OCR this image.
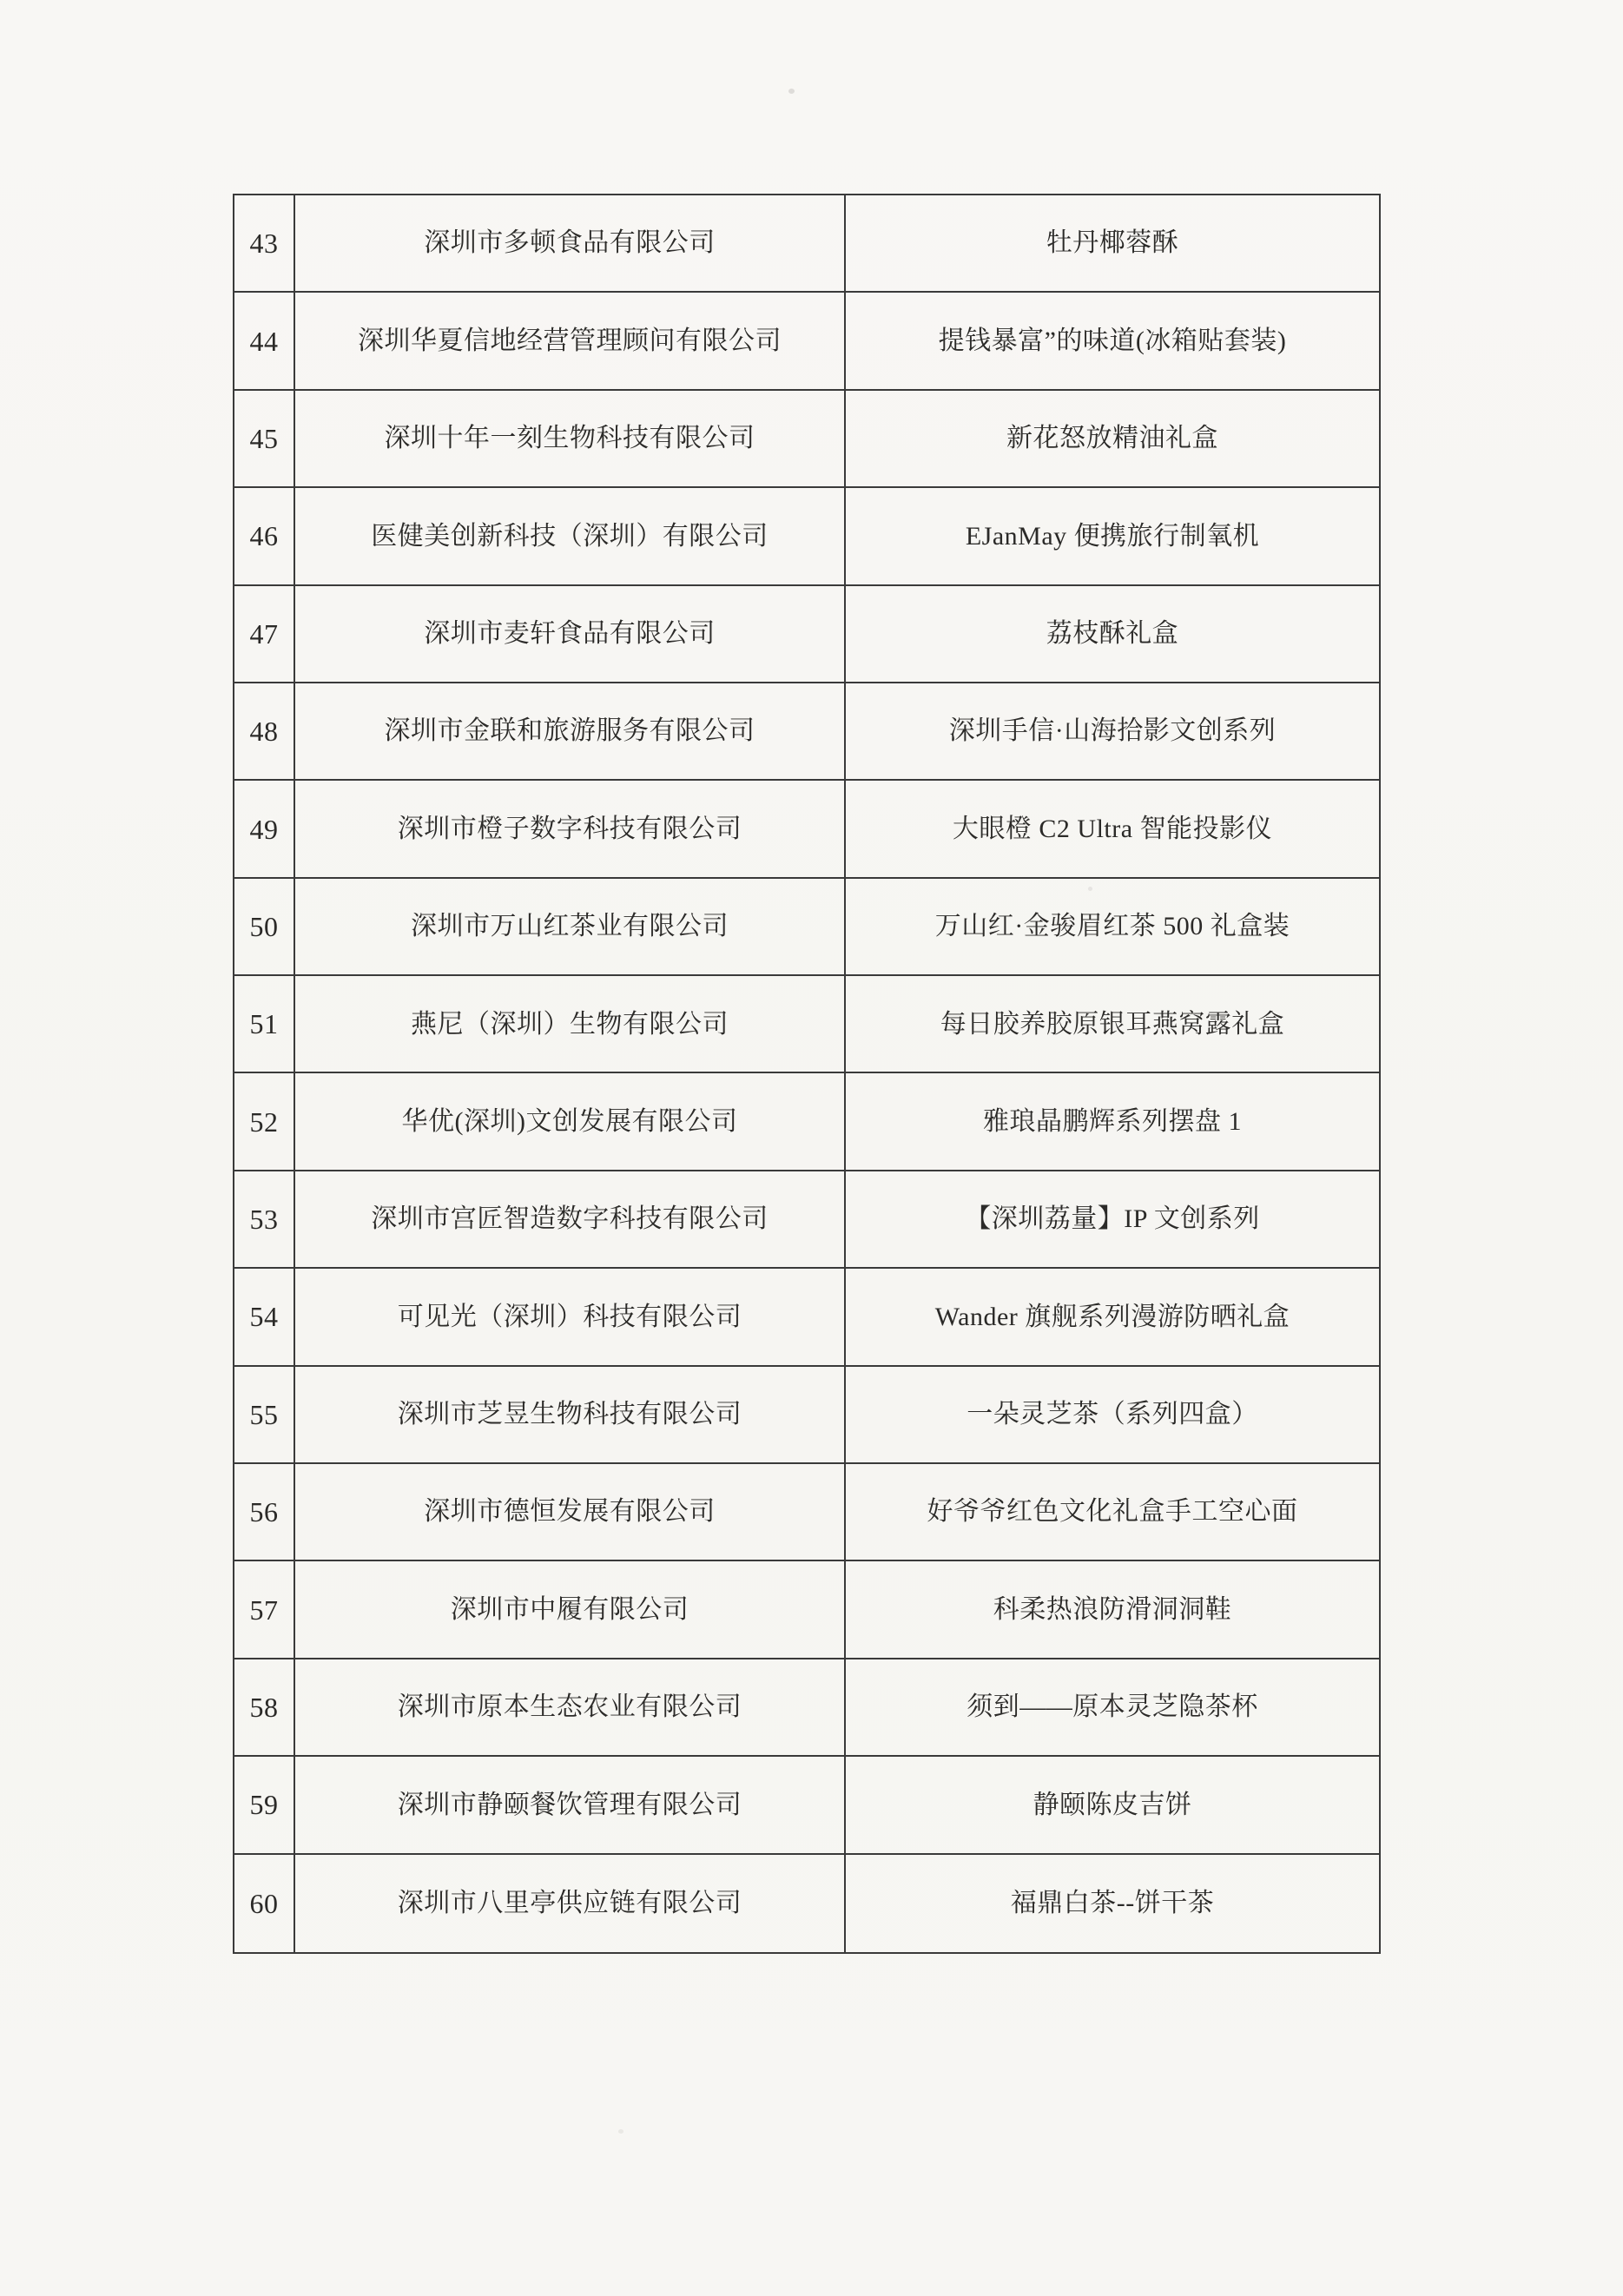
43	深圳市多顿食品有限公司	牡丹椰蓉酥
44	深圳华夏信地经营管理顾问有限公司	提钱暴富”的味道(冰箱贴套装)
45	深圳十年一刻生物科技有限公司	新花怒放精油礼盒
46	医健美创新科技（深圳）有限公司	EJanMay 便携旅行制氧机
47	深圳市麦轩食品有限公司	荔枝酥礼盒
48	深圳市金联和旅游服务有限公司	深圳手信·山海拾影文创系列
49	深圳市橙子数字科技有限公司	大眼橙 C2 Ultra 智能投影仪
50	深圳市万山红茶业有限公司	万山红·金骏眉红茶 500 礼盒装
51	燕尼（深圳）生物有限公司	每日胶养胶原银耳燕窝露礼盒
52	华优(深圳)文创发展有限公司	雅琅晶鹏辉系列摆盘 1
53	深圳市宫匠智造数字科技有限公司	【深圳荔量】IP 文创系列
54	可见光（深圳）科技有限公司	Wander 旗舰系列漫游防晒礼盒
55	深圳市芝昱生物科技有限公司	一朵灵芝茶（系列四盒）
56	深圳市德恒发展有限公司	好爷爷红色文化礼盒手工空心面
57	深圳市中履有限公司	科柔热浪防滑洞洞鞋
58	深圳市原本生态农业有限公司	须到——原本灵芝隐茶杯
59	深圳市静颐餐饮管理有限公司	静颐陈皮吉饼
60	深圳市八里亭供应链有限公司	福鼎白茶--饼干茶
